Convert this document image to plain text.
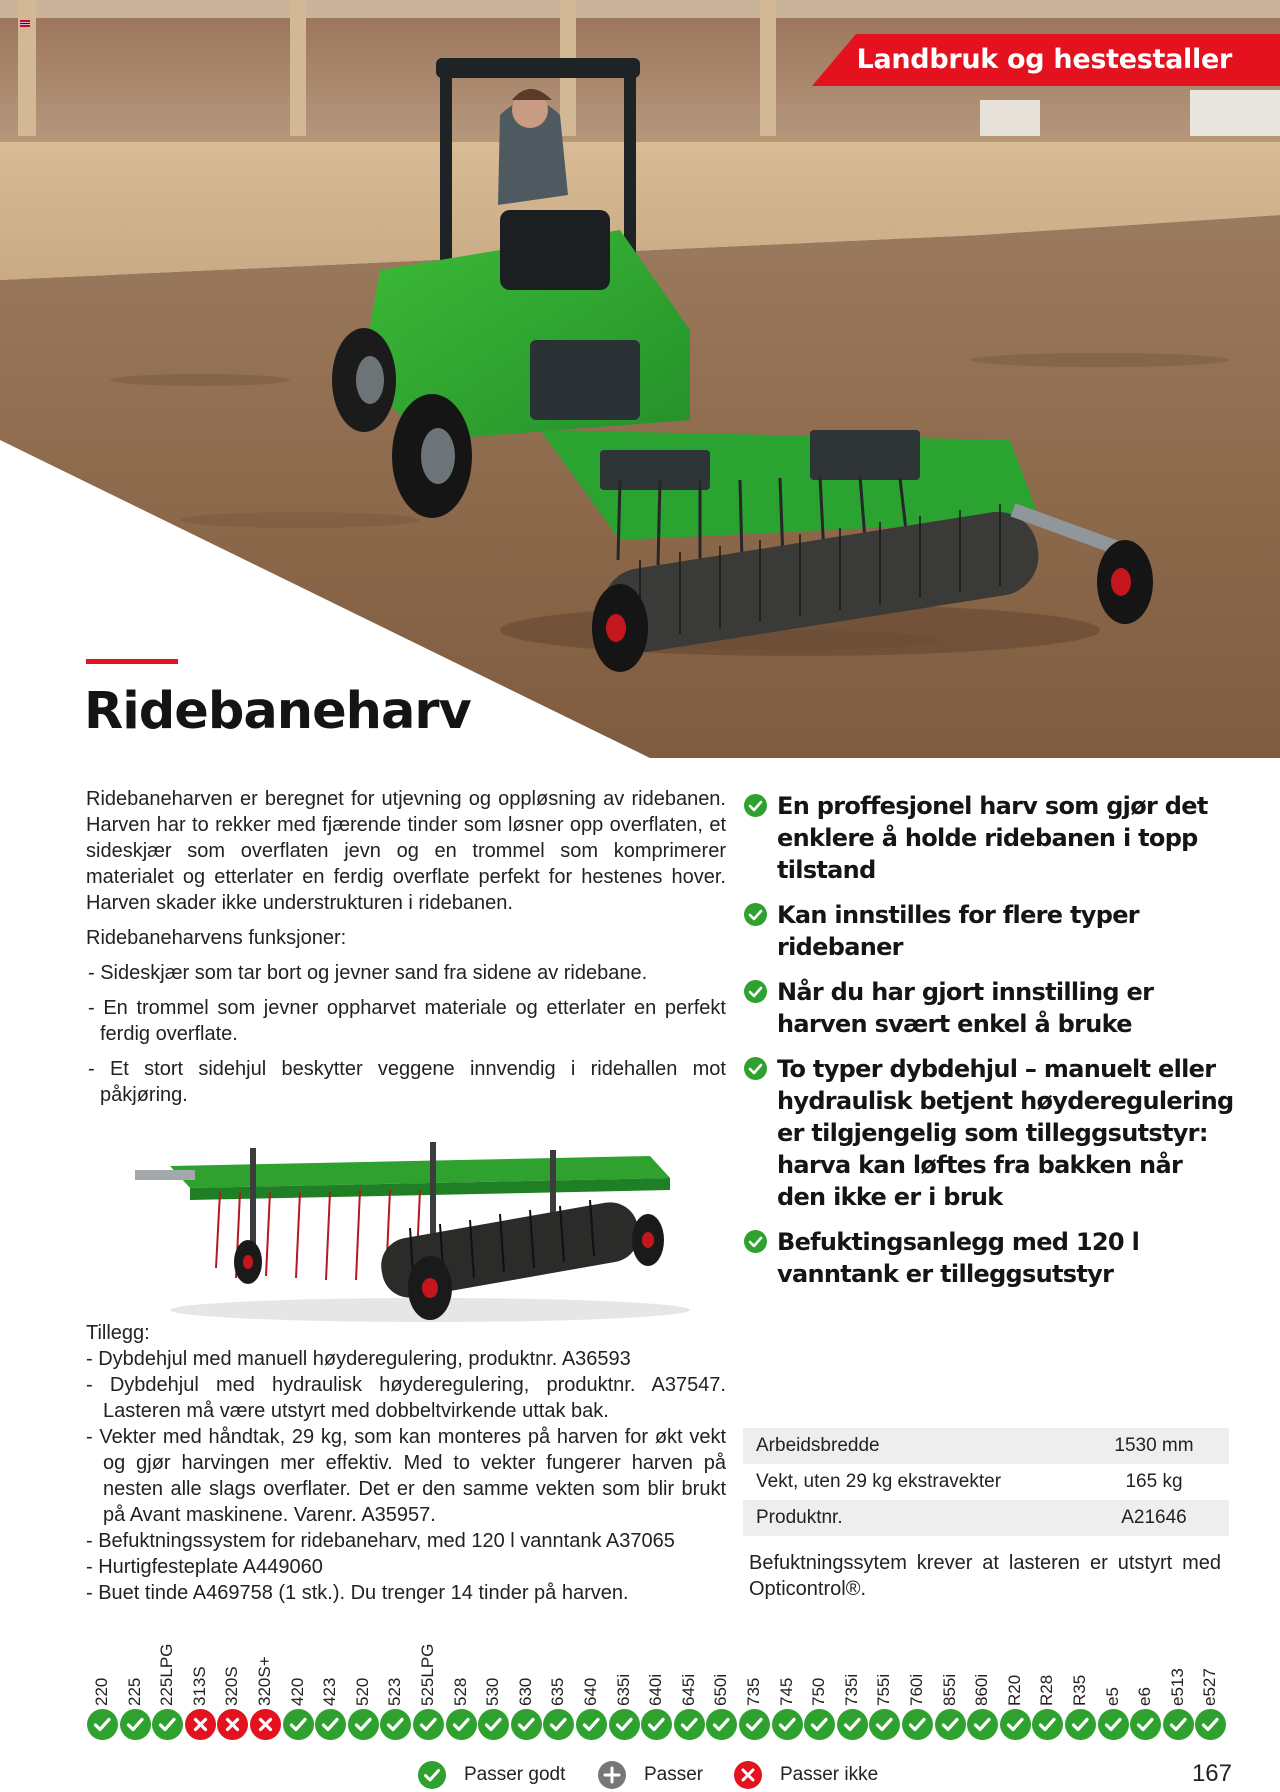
Landbruk og hestestaller
Ridebaneharv

Ridebaneharven er beregnet for utjevning og oppløsning av ridebanen. Harven har to rekker med fjærende tinder som løsner opp overflaten, et sideskjær som overflaten jevn og en trommel som komprimerer materialet og etterlater en ferdig overflate perfekt for hestenes hover. Harven skader ikke understrukturen i ridebanen.

Ridebaneharvens funksjoner:

- Sideskjær som tar bort og jevner sand fra sidene av ridebane.
- En trommel som jevner oppharvet materiale og etterlater en perfekt ferdig overflate.
- Et stort sidehjul beskytter veggene innvendig i ridehallen mot påkjøring.

Tillegg:

- Dybdehjul med manuell høyderegulering, produktnr. A36593
- Dybdehjul med hydraulisk høyderegulering, produktnr. A37547. Lasteren må være utstyrt med dobbeltvirkende uttak bak.
- Vekter med håndtak, 29 kg, som kan monteres på harven for økt vekt og gjør harvingen mer effektiv. Med to vekter fungerer harven på nesten alle slags overflater. Det er den samme vekten som blir brukt på Avant maskinene. Varenr. A35957.
- Befuktningssystem for ridebaneharv, med 120 l vanntank A37065
- Hurtigfesteplate A449060
- Buet tinde A469758 (1 stk.). Du trenger 14 tinder på harven.
En proffesjonel harv som gjør det enklere å holde ridebanen i topp tilstand
Kan innstilles for flere typer ridebaner
Når du har gjort innstilling er harven svært enkel å bruke
To typer dybdehjul – manuelt eller hydraulisk betjent høyderegulering er tilgjengelig som tilleggsutstyr: harva kan løftes fra bakken når den ikke er i bruk
Befuktingsanlegg med 120 l vanntank er tilleggsutstyr
Arbeidsbredde	1530 mm
Vekt, uten 29 kg ekstravekter	165 kg
Produktnr.	A21646

Befuktningssytem krever at lasteren er utstyrt med Opticontrol®.

220 225 225LPG 313S 320S 320S+ 420 423 520 523 525LPG 528 530 630 635 640 635i 640i 645i 650i 735 745 750 735i 755i 760i 855i 860i R20 R28 R35 e5 e6 e513 e527
Passer godt	Passer	Passer ikke	167
